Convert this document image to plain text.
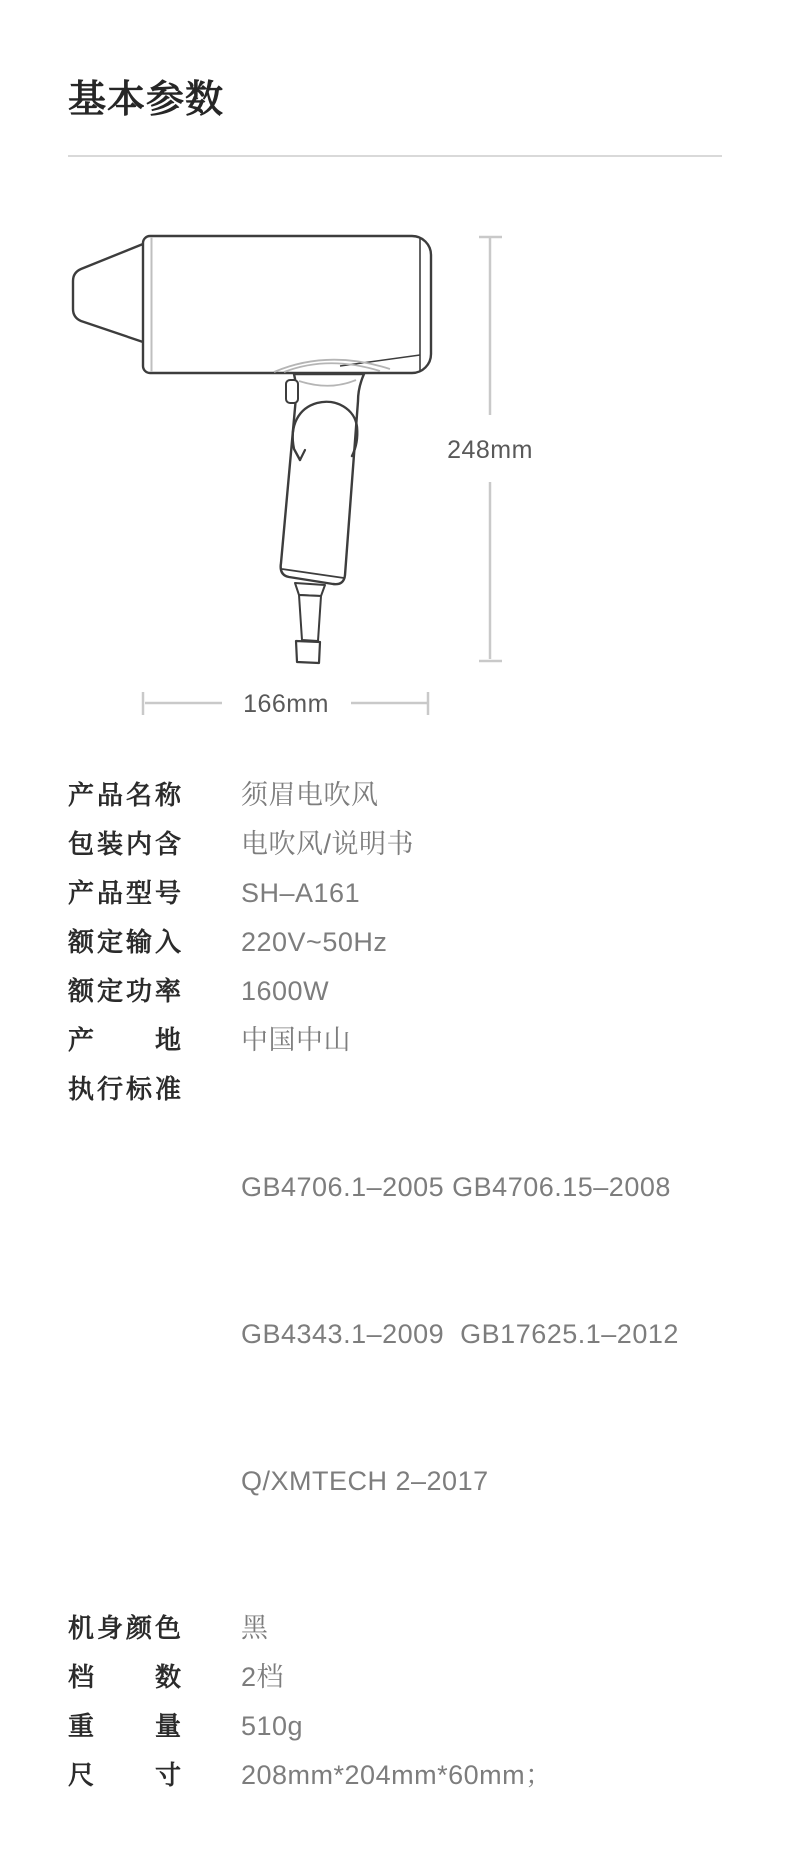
基本参数
248mm
166mm
产品名称 须眉电吹风
包装内含 电吹风/说明书
产品型号 SH–A161
额定输入 220V~50Hz
额定功率 1600W
产地 中国中山
执行标准

GB4706.1–2005 GB4706.15–2008

GB4343.1–2009  GB17625.1–2012

Q/XMTECH 2–2017

机身颜色 黑
档数 2档
重量 510g
尺寸 208mm*204mm*60mm；
